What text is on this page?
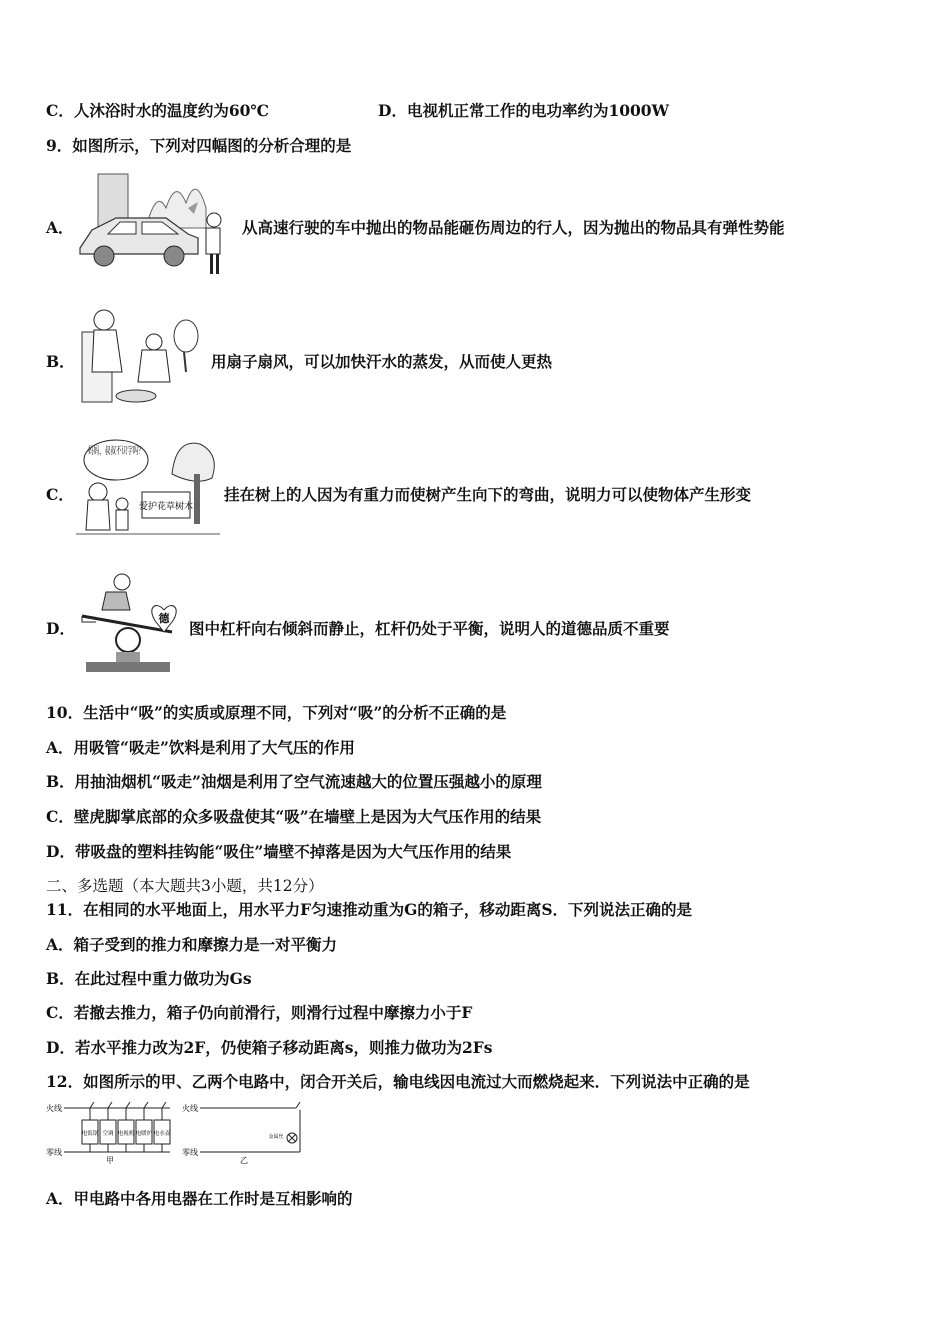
C．人沐浴时水的温度约为60℃	D．电视机正常工作的电功率约为1000W
9．如图所示，下列对四幅图的分析合理的是
A．	从高速行驶的车中抛出的物品能砸伤周边的行人，因为抛出的物品具有弹性势能
B．	用扇子扇风，可以加快汗水的蒸发，从而使人更热
C．
妈妈，叔叔不识字吗？
爱护花草树木
挂在树上的人因为有重力而使树产生向下的弯曲，说明力可以使物体产生形变
D．
德
图中杠杆向右倾斜而静止，杠杆仍处于平衡，说明人的道德品质不重要
10．生活中“吸”的实质或原理不同，下列对“吸”的分析不正确的是
A．用吸管“吸走”饮料是利用了大气压的作用
B．用抽油烟机“吸走”油烟是利用了空气流速越大的位置压强越小的原理
C．壁虎脚掌底部的众多吸盘使其“吸”在墙壁上是因为大气压作用的结果
D．带吸盘的塑料挂钩能“吸住”墙壁不掉落是因为大气压作用的结果
二、多选题（本大题共3小题，共12分）
11．在相同的水平地面上，用水平力F匀速推动重为G的箱子，移动距离S．下列说法正确的是
A．箱子受到的推力和摩擦力是一对平衡力
B．在此过程中重力做功为Gs
C．若撤去推力，箱子仍向前滑行，则滑行过程中摩擦力小于F
D．若水平推力改为2F，仍使箱子移动距离s，则推力做功为2Fs
12．如图所示的甲、乙两个电路中，闭合开关后，输电线因电流过大而燃烧起来．下列说法中正确的是
火线
零线
电饭锅 空调 电视机 电暖炉 电水壶
甲
火线
零线
金属丝
乙
A．甲电路中各用电器在工作时是互相影响的
